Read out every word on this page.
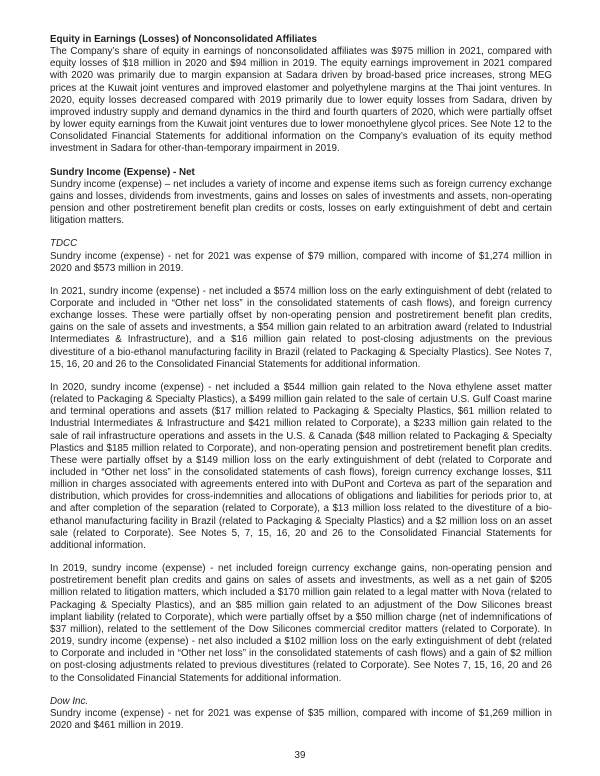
Equity in Earnings (Losses) of Nonconsolidated Affiliates
The Company’s share of equity in earnings of nonconsolidated affiliates was $975 million in 2021, compared with equity losses of $18 million in 2020 and $94 million in 2019. The equity earnings improvement in 2021 compared with 2020 was primarily due to margin expansion at Sadara driven by broad-based price increases, strong MEG prices at the Kuwait joint ventures and improved elastomer and polyethylene margins at the Thai joint ventures. In 2020, equity losses decreased compared with 2019 primarily due to lower equity losses from Sadara, driven by improved industry supply and demand dynamics in the third and fourth quarters of 2020, which were partially offset by lower equity earnings from the Kuwait joint ventures due to lower monoethylene glycol prices. See Note 12 to the Consolidated Financial Statements for additional information on the Company’s evaluation of its equity method investment in Sadara for other-than-temporary impairment in 2019.
Sundry Income (Expense) - Net
Sundry income (expense) – net includes a variety of income and expense items such as foreign currency exchange gains and losses, dividends from investments, gains and losses on sales of investments and assets, non-operating pension and other postretirement benefit plan credits or costs, losses on early extinguishment of debt and certain litigation matters.
TDCC
Sundry income (expense) - net for 2021 was expense of $79 million, compared with income of $1,274 million in 2020 and $573 million in 2019.
In 2021, sundry income (expense) - net included a $574 million loss on the early extinguishment of debt (related to Corporate and included in “Other net loss” in the consolidated statements of cash flows), and foreign currency exchange losses. These were partially offset by non-operating pension and postretirement benefit plan credits, gains on the sale of assets and investments, a $54 million gain related to an arbitration award (related to Industrial Intermediates & Infrastructure), and a $16 million gain related to post-closing adjustments on the previous divestiture of a bio-ethanol manufacturing facility in Brazil (related to Packaging & Specialty Plastics). See Notes 7, 15, 16, 20 and 26 to the Consolidated Financial Statements for additional information.
In 2020, sundry income (expense) - net included a $544 million gain related to the Nova ethylene asset matter (related to Packaging & Specialty Plastics), a $499 million gain related to the sale of certain U.S. Gulf Coast marine and terminal operations and assets ($17 million related to Packaging & Specialty Plastics, $61 million related to Industrial Intermediates & Infrastructure and $421 million related to Corporate), a $233 million gain related to the sale of rail infrastructure operations and assets in the U.S. & Canada ($48 million related to Packaging & Specialty Plastics and $185 million related to Corporate), and non-operating pension and postretirement benefit plan credits. These were partially offset by a $149 million loss on the early extinguishment of debt (related to Corporate and included in “Other net loss” in the consolidated statements of cash flows), foreign currency exchange losses, $11 million in charges associated with agreements entered into with DuPont and Corteva as part of the separation and distribution, which provides for cross-indemnities and allocations of obligations and liabilities for periods prior to, at and after completion of the separation (related to Corporate), a $13 million loss related to the divestiture of a bio-ethanol manufacturing facility in Brazil (related to Packaging & Specialty Plastics) and a $2 million loss on an asset sale (related to Corporate). See Notes 5, 7, 15, 16, 20 and 26 to the Consolidated Financial Statements for additional information.
In 2019, sundry income (expense) - net included foreign currency exchange gains, non-operating pension and postretirement benefit plan credits and gains on sales of assets and investments, as well as a net gain of $205 million related to litigation matters, which included a $170 million gain related to a legal matter with Nova (related to Packaging & Specialty Plastics), and an $85 million gain related to an adjustment of the Dow Silicones breast implant liability (related to Corporate), which were partially offset by a $50 million charge (net of indemnifications of $37 million), related to the settlement of the Dow Silicones commercial creditor matters (related to Corporate). In 2019, sundry income (expense) - net also included a $102 million loss on the early extinguishment of debt (related to Corporate and included in “Other net loss” in the consolidated statements of cash flows) and a gain of $2 million on post-closing adjustments related to previous divestitures (related to Corporate). See Notes 7, 15, 16, 20 and 26 to the Consolidated Financial Statements for additional information.
Dow Inc.
Sundry income (expense) - net for 2021 was expense of $35 million, compared with income of $1,269 million in 2020 and $461 million in 2019.
39
